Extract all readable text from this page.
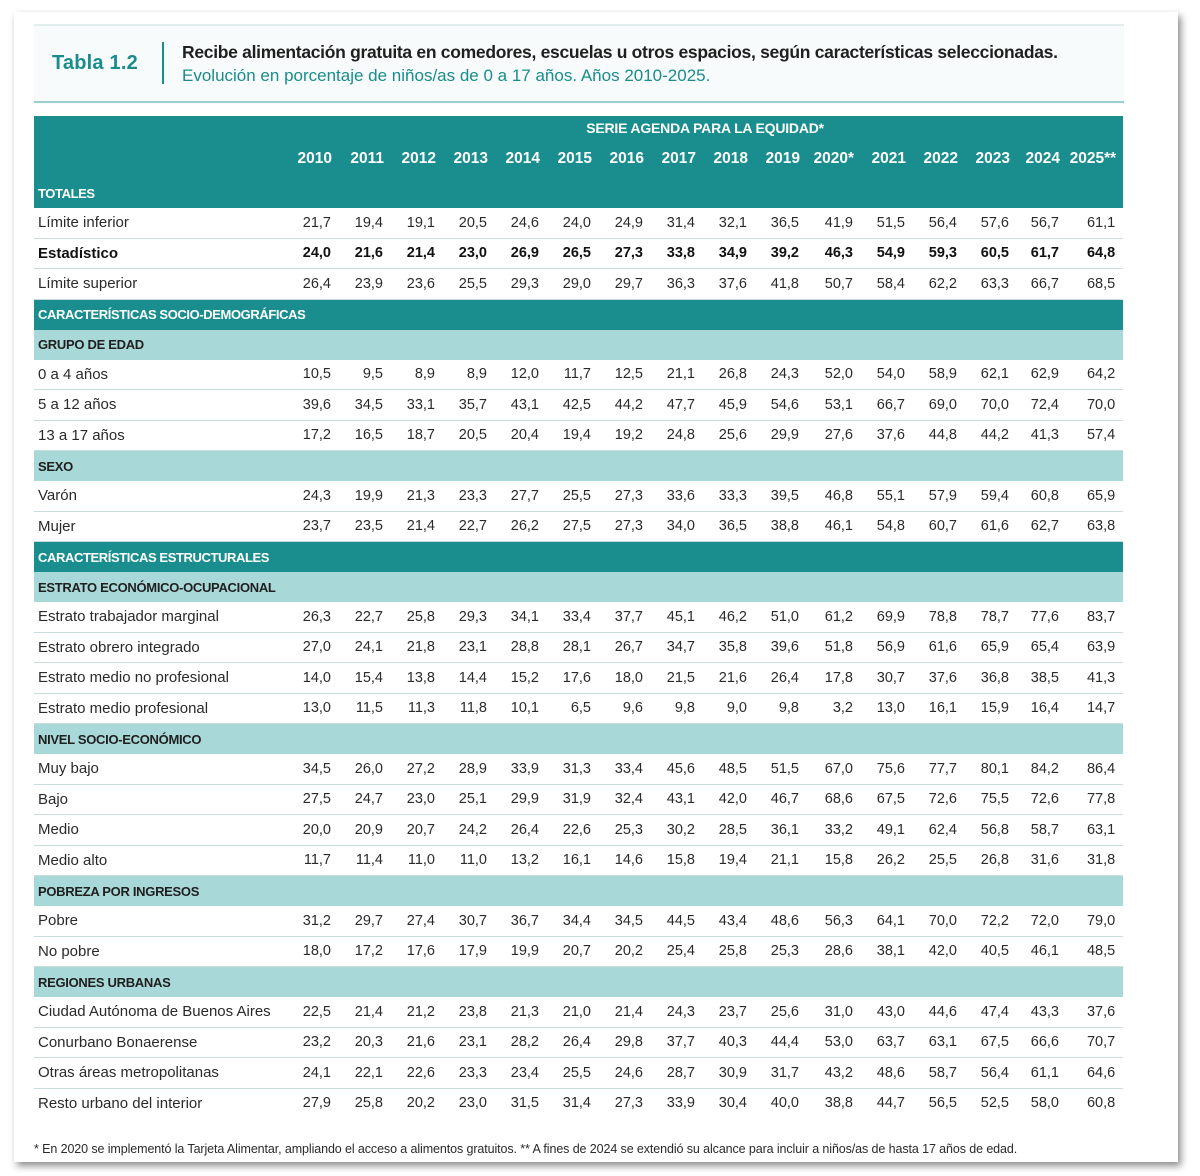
Tabla 1.2	Recibe alimentación gratuita en comedores, escuelas u otros espacios, según características seleccionadas.
Evolución en porcentaje de niños/as de 0 a 17 años. Años 2010-2025.
	SERIE AGENDA PARA LA EQUIDAD*															
	2010	2011	2012	2013	2014	2015	2016	2017	2018	2019	2020*	2021	2022	2023	2024	2025**
TOTALES																
Límite inferior	21,7	19,4	19,1	20,5	24,6	24,0	24,9	31,4	32,1	36,5	41,9	51,5	56,4	57,6	56,7	61,1
Estadístico	24,0	21,6	21,4	23,0	26,9	26,5	27,3	33,8	34,9	39,2	46,3	54,9	59,3	60,5	61,7	64,8
Límite superior	26,4	23,9	23,6	25,5	29,3	29,0	29,7	36,3	37,6	41,8	50,7	58,4	62,2	63,3	66,7	68,5
CARACTERÍSTICAS SOCIO-DEMOGRÁFICAS																
GRUPO DE EDAD																
0 a 4 años	10,5	9,5	8,9	8,9	12,0	11,7	12,5	21,1	26,8	24,3	52,0	54,0	58,9	62,1	62,9	64,2
5 a 12 años	39,6	34,5	33,1	35,7	43,1	42,5	44,2	47,7	45,9	54,6	53,1	66,7	69,0	70,0	72,4	70,0
13 a 17 años	17,2	16,5	18,7	20,5	20,4	19,4	19,2	24,8	25,6	29,9	27,6	37,6	44,8	44,2	41,3	57,4
SEXO																
Varón	24,3	19,9	21,3	23,3	27,7	25,5	27,3	33,6	33,3	39,5	46,8	55,1	57,9	59,4	60,8	65,9
Mujer	23,7	23,5	21,4	22,7	26,2	27,5	27,3	34,0	36,5	38,8	46,1	54,8	60,7	61,6	62,7	63,8
CARACTERÍSTICAS ESTRUCTURALES																
ESTRATO ECONÓMICO-OCUPACIONAL																
Estrato trabajador marginal	26,3	22,7	25,8	29,3	34,1	33,4	37,7	45,1	46,2	51,0	61,2	69,9	78,8	78,7	77,6	83,7
Estrato obrero integrado	27,0	24,1	21,8	23,1	28,8	28,1	26,7	34,7	35,8	39,6	51,8	56,9	61,6	65,9	65,4	63,9
Estrato medio no profesional	14,0	15,4	13,8	14,4	15,2	17,6	18,0	21,5	21,6	26,4	17,8	30,7	37,6	36,8	38,5	41,3
Estrato medio profesional	13,0	11,5	11,3	11,8	10,1	6,5	9,6	9,8	9,0	9,8	3,2	13,0	16,1	15,9	16,4	14,7
NIVEL SOCIO-ECONÓMICO																
Muy bajo	34,5	26,0	27,2	28,9	33,9	31,3	33,4	45,6	48,5	51,5	67,0	75,6	77,7	80,1	84,2	86,4
Bajo	27,5	24,7	23,0	25,1	29,9	31,9	32,4	43,1	42,0	46,7	68,6	67,5	72,6	75,5	72,6	77,8
Medio	20,0	20,9	20,7	24,2	26,4	22,6	25,3	30,2	28,5	36,1	33,2	49,1	62,4	56,8	58,7	63,1
Medio alto	11,7	11,4	11,0	11,0	13,2	16,1	14,6	15,8	19,4	21,1	15,8	26,2	25,5	26,8	31,6	31,8
POBREZA POR INGRESOS																
Pobre	31,2	29,7	27,4	30,7	36,7	34,4	34,5	44,5	43,4	48,6	56,3	64,1	70,0	72,2	72,0	79,0
No pobre	18,0	17,2	17,6	17,9	19,9	20,7	20,2	25,4	25,8	25,3	28,6	38,1	42,0	40,5	46,1	48,5
REGIONES URBANAS																
Ciudad Autónoma de Buenos Aires	22,5	21,4	21,2	23,8	21,3	21,0	21,4	24,3	23,7	25,6	31,0	43,0	44,6	47,4	43,3	37,6
Conurbano Bonaerense	23,2	20,3	21,6	23,1	28,2	26,4	29,8	37,7	40,3	44,4	53,0	63,7	63,1	67,5	66,6	70,7
Otras áreas metropolitanas	24,1	22,1	22,6	23,3	23,4	25,5	24,6	28,7	30,9	31,7	43,2	48,6	58,7	56,4	61,1	64,6
Resto urbano del interior	27,9	25,8	20,2	23,0	31,5	31,4	27,3	33,9	30,4	40,0	38,8	44,7	56,5	52,5	58,0	60,8
* En 2020 se implementó la Tarjeta Alimentar, ampliando el acceso a alimentos gratuitos. ** A fines de 2024 se extendió su alcance para incluir a niños/as de hasta 17 años de edad.
